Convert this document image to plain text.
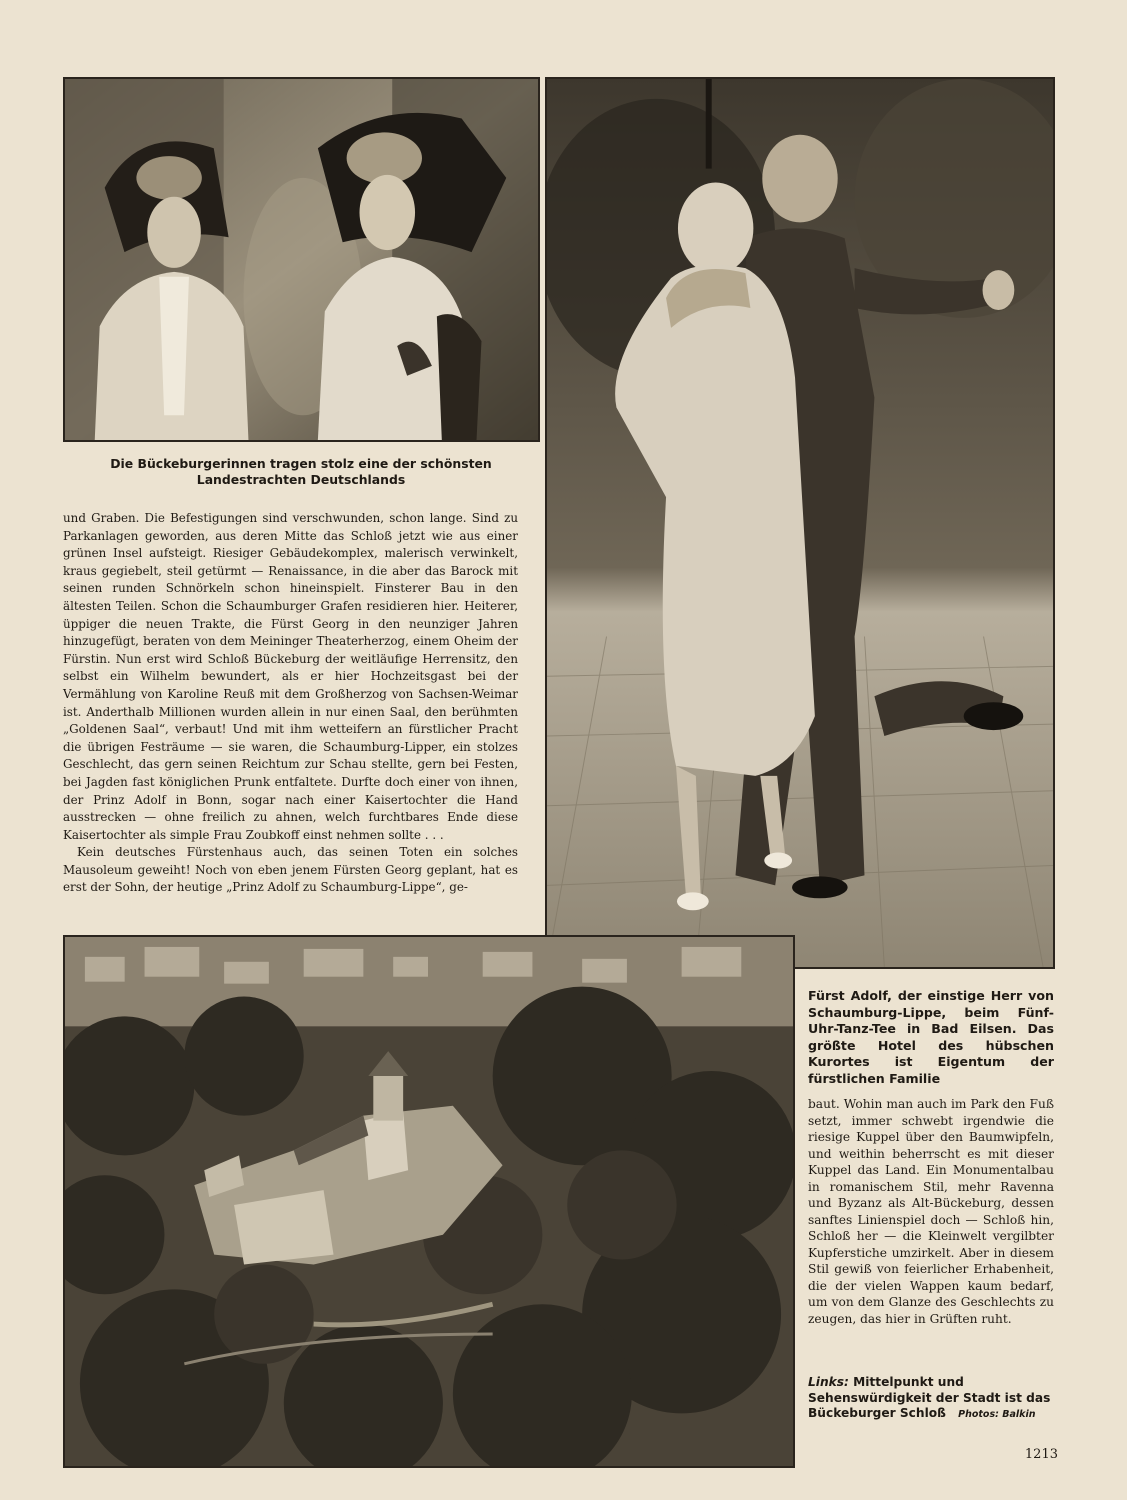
Die Bückeburgerinnen tragen stolz eine der schönsten Landestrachten Deutschlands

und Graben. Die Befestigungen sind verschwunden, schon lange. Sind zu Parkanlagen geworden, aus deren Mitte das Schloß jetzt wie aus einer grünen Insel aufsteigt. Riesiger Gebäudekomplex, malerisch verwinkelt, kraus gegiebelt, steil getürmt — Renaissance, in die aber das Barock mit seinen runden Schnörkeln schon hineinspielt. Finsterer Bau in den ältesten Teilen. Schon die Schaumburger Grafen residieren hier. Heiterer, üppiger die neuen Trakte, die Fürst Georg in den neunziger Jahren hinzugefügt, beraten von dem Meininger Theaterherzog, einem Oheim der Fürstin. Nun erst wird Schloß Bückeburg der weitläufige Herrensitz, den selbst ein Wilhelm bewundert, als er hier Hochzeitsgast bei der Vermählung von Karoline Reuß mit dem Großherzog von Sachsen-Weimar ist. Anderthalb Millionen wurden allein in nur einen Saal, den berühmten „Goldenen Saal“, verbaut! Und mit ihm wetteifern an fürstlicher Pracht die übrigen Festräume — sie waren, die Schaumburg-Lipper, ein stolzes Geschlecht, das gern seinen Reichtum zur Schau stellte, gern bei Festen, bei Jagden fast königlichen Prunk entfaltete. Durfte doch einer von ihnen, der Prinz Adolf in Bonn, sogar nach einer Kaisertochter die Hand ausstrecken — ohne freilich zu ahnen, welch furchtbares Ende diese Kaisertochter als simple Frau Zoubkoff einst nehmen sollte . . .

Kein deutsches Fürstenhaus auch, das seinen Toten ein solches Mausoleum geweiht! Noch von eben jenem Fürsten Georg geplant, hat es erst der Sohn, der heutige „Prinz Adolf zu Schaumburg-Lippe“, ge-

Fürst Adolf, der einstige Herr von Schaumburg-Lippe, beim Fünf-Uhr-Tanz-Tee in Bad Eilsen. Das größte Hotel des hübschen Kurortes ist Eigentum der fürstlichen Familie

baut. Wohin man auch im Park den Fuß setzt, immer schwebt irgendwie die riesige Kuppel über den Baumwipfeln, und weithin beherrscht es mit dieser Kuppel das Land. Ein Monumentalbau in romanischem Stil, mehr Ravenna und Byzanz als Alt-Bückeburg, dessen sanftes Linienspiel doch — Schloß hin, Schloß her — die Kleinwelt vergilbter Kupferstiche umzirkelt. Aber in diesem Stil gewiß von feierlicher Erhabenheit, die der vielen Wappen kaum bedarf, um von dem Glanze des Geschlechts zu zeugen, das hier in Grüften ruht.

Links: Mittelpunkt und Sehenswürdigkeit der Stadt ist das Bückeburger Schloß Photos: Balkin
1213
